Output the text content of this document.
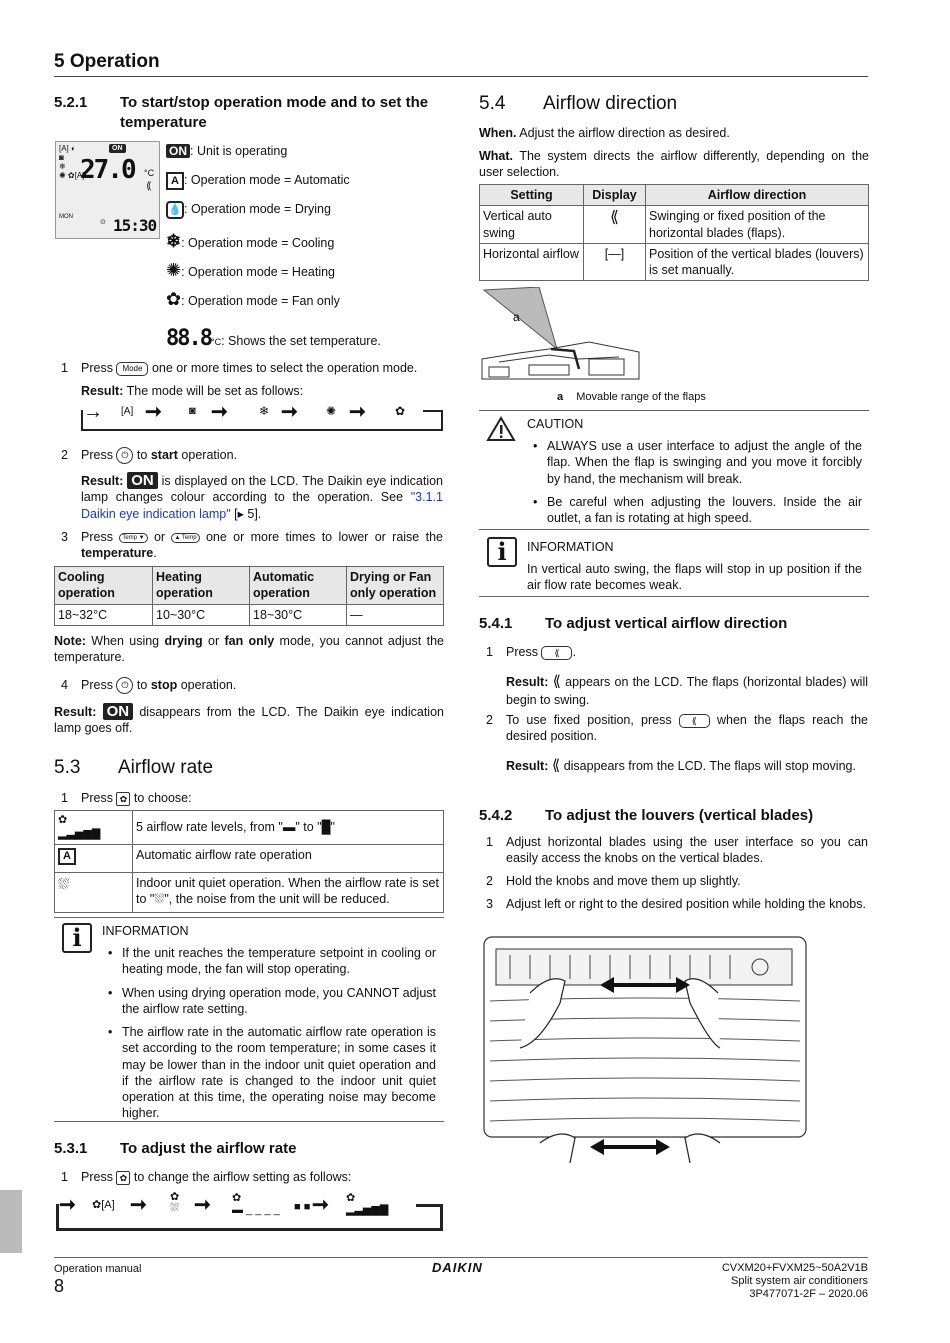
5 Operation
5.2.1 To start/stop operation mode and to set the temperature
[A] ◐
◙
❄
✺ ✿[A]
ON
27.0 °C
⟪
MON
⊙ 15:30
ON : Unit is operating
A : Operation mode = Automatic
💧 : Operation mode = Drying
❄: Operation mode = Cooling
✺: Operation mode = Heating
✿: Operation mode = Fan only
88.8°C: Shows the set temperature.
1 Press Mode one or more times to select the operation mode.
Result: The mode will be set as follows:
→ [A] ➞ ◙ ➞	❄ ➞ ✺ ➞ ✿
2 Press ⏻ to start operation.
Result: ON is displayed on the LCD. The Daikin eye indication lamp changes colour according to the operation. See "3.1.1 Daikin eye indication lamp" [▸ 5].
3 Press Temp ▼ or ▲ Temp one or more times to lower or raise the temperature.
Cooling operation	Heating operation	Automatic operation	Drying or Fan only operation
18~32°C	10~30°C	18~30°C	—
Note: When using drying or fan only mode, you cannot adjust the temperature.
4 Press ⏻ to stop operation.
Result: ON disappears from the LCD. The Daikin eye indication lamp goes off.
5.3 Airflow rate
1 Press ✿ to choose:
✿
▂▃▅▆▇	5 airflow rate levels, from "▬" to "█"
A	Automatic airflow rate operation
⛆	Indoor unit quiet operation. When the airflow rate is set to "⛆", the noise from the unit will be reduced.
i	INFORMATION
• If the unit reaches the temperature setpoint in cooling or heating mode, the fan will stop operating.
• When using drying operation mode, you CANNOT adjust the airflow rate setting.
• The airflow rate in the automatic airflow rate operation is set according to the room temperature; in some cases it may be lower than in the indoor unit quiet operation and if the airflow rate is changed to the indoor unit quiet operation at this time, the operating noise may become higher.
5.3.1 To adjust the airflow rate
1 Press ✿ to change the airflow setting as follows:
➞ ✿[A] ➞ ✿
⛆ ➞ ✿
▬ _ _ _ _ ■ ■ ➞ ✿
▂▃▅▆▇
5.4 Airflow direction
When. Adjust the airflow direction as desired.
What. The system directs the airflow differently, depending on the user selection.
Setting	Display	Airflow direction
Vertical auto swing	⟪	Swinging or fixed position of the horizontal blades (flaps).
Horizontal airflow	[—]	Position of the vertical blades (louvers) is set manually.
a
a Movable range of the flaps
CAUTION
• ALWAYS use a user interface to adjust the angle of the flap. When the flap is swinging and you move it forcibly by hand, the mechanism will break.
• Be careful when adjusting the louvers. Inside the air outlet, a fan is rotating at high speed.
i	INFORMATION
In vertical auto swing, the flaps will stop in up position if the air flow rate becomes weak.
5.4.1 To adjust vertical airflow direction
1 Press ⟪ .
Result: ⟪ appears on the LCD. The flaps (horizontal blades) will begin to swing.
2 To use fixed position, press ⟪ when the flaps reach the desired position.
Result: ⟪ disappears from the LCD. The flaps will stop moving.
5.4.2 To adjust the louvers (vertical blades)
1 Adjust horizontal blades using the user interface so you can easily access the knobs on the vertical blades.
2 Hold the knobs and move them up slightly.
3 Adjust left or right to the desired position while holding the knobs.
Operation manual
8
DAIKIN	CVXM20+FVXM25~50A2V1B
Split system air conditioners
3P477071-2F – 2020.06
